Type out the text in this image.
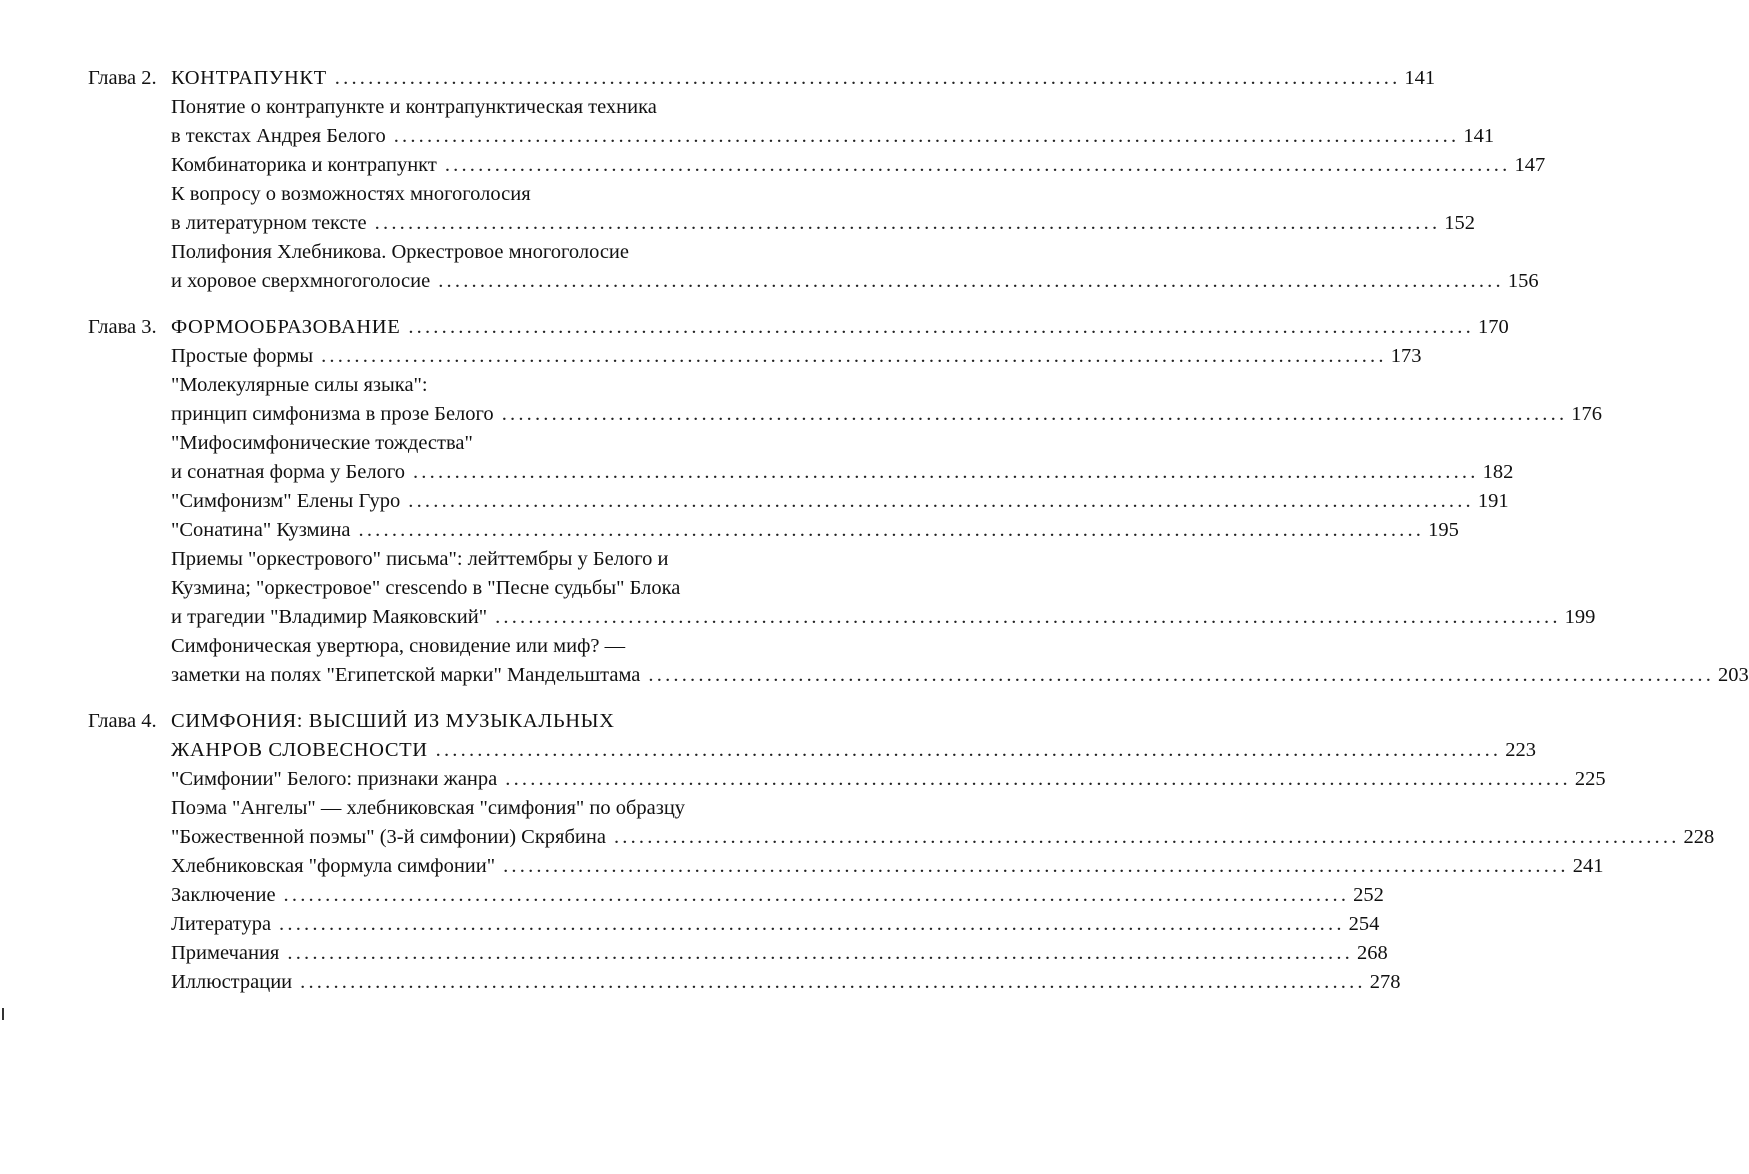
Глава 2. КОНТРАПУНКТ ................................................................................................................................ 141
Понятие о контрапункте и контрапунктическая техника
в текстах Андрея Белого ................................................................................................................................ 141
Комбинаторика и контрапункт ................................................................................................................................ 147
К вопросу о возможностях многоголосия
в литературном тексте ................................................................................................................................ 152
Полифония Хлебникова. Оркестровое многоголосие
и хоровое сверхмногоголосие ................................................................................................................................ 156
Глава 3. ФОРМООБРАЗОВАНИЕ ................................................................................................................................ 170
Простые формы ................................................................................................................................ 173
"Молекулярные силы языка":
принцип симфонизма в прозе Белого ................................................................................................................................ 176
"Мифосимфонические тождества"
и сонатная форма у Белого ................................................................................................................................ 182
"Симфонизм" Елены Гуро ................................................................................................................................ 191
"Сонатина" Кузмина ................................................................................................................................ 195
Приемы "оркестрового" письма": лейттембры у Белого и
Кузмина; "оркестровое" crescendo в "Песне судьбы" Блока
и трагедии "Владимир Маяковский" ................................................................................................................................ 199
Симфоническая увертюра, сновидение или миф? —
заметки на полях "Египетской марки" Мандельштама ................................................................................................................................ 203
Глава 4. СИМФОНИЯ: ВЫСШИЙ ИЗ МУЗЫКАЛЬНЫХ
ЖАНРОВ СЛОВЕСНОСТИ ................................................................................................................................ 223
"Симфонии" Белого: признаки жанра ................................................................................................................................ 225
Поэма "Ангелы" — хлебниковская "симфония" по образцу
"Божественной поэмы" (3-й симфонии) Скрябина ................................................................................................................................ 228
Хлебниковская "формула симфонии" ................................................................................................................................ 241
Заключение ................................................................................................................................ 252
Литература ................................................................................................................................ 254
Примечания ................................................................................................................................ 268
Иллюстрации ................................................................................................................................ 278
